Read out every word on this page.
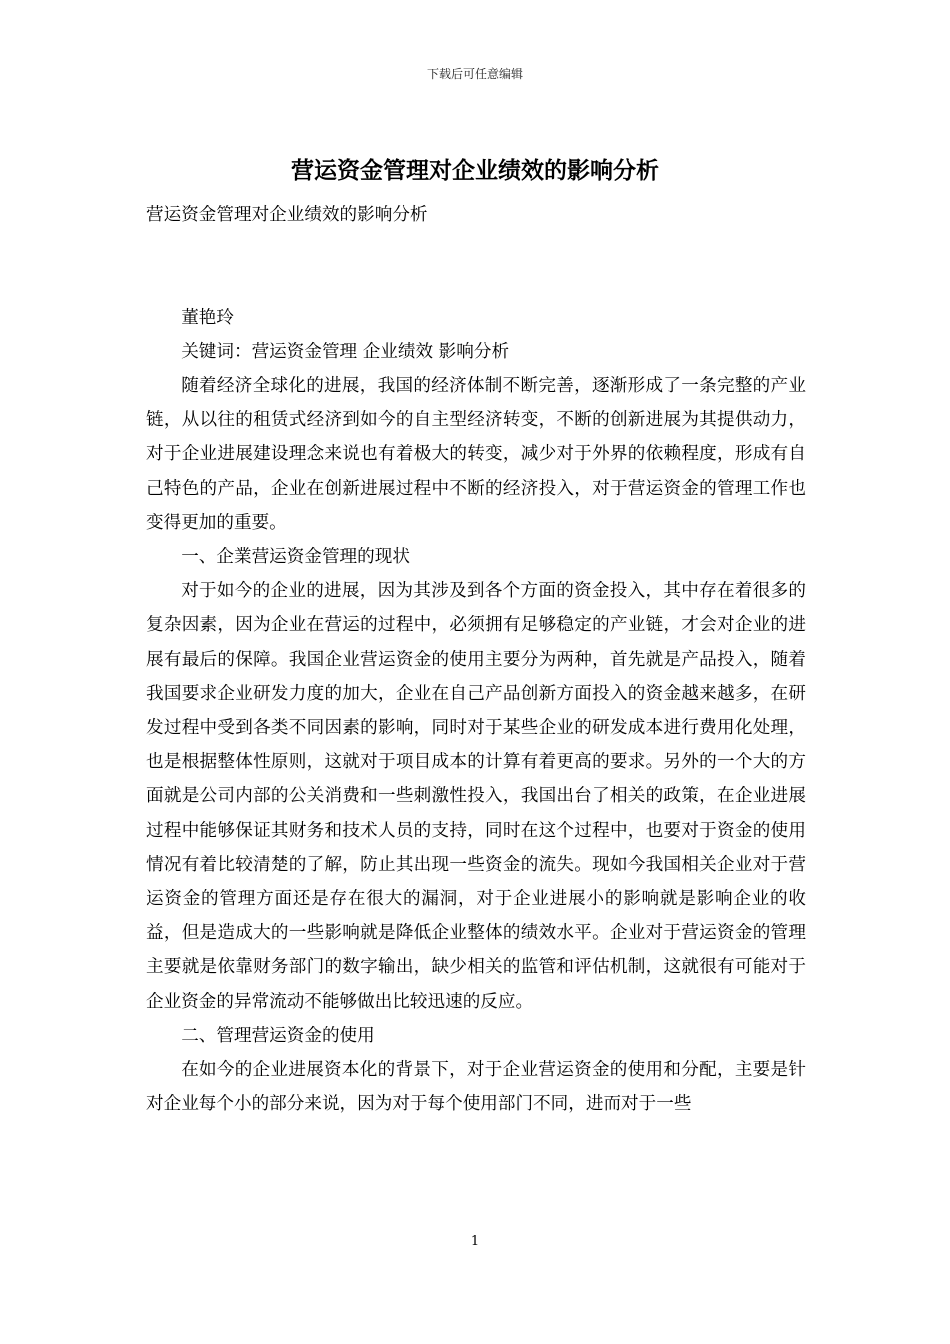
下载后可任意编辑
营运资金管理对企业绩效的影响分析

营运资金管理对企业绩效的影响分析

董艳玲

关键词：营运资金管理 企业绩效 影响分析

随着经济全球化的进展，我国的经济体制不断完善，逐渐形成了一条完整的产业链，从以往的租赁式经济到如今的自主型经济转变，不断的创新进展为其提供动力，对于企业进展建设理念来说也有着极大的转变，减少对于外界的依赖程度，形成有自己特色的产品，企业在创新进展过程中不断的经济投入，对于营运资金的管理工作也变得更加的重要。

一、企業营运资金管理的现状

对于如今的企业的进展，因为其涉及到各个方面的资金投入，其中存在着很多的复杂因素，因为企业在营运的过程中，必须拥有足够稳定的产业链，才会对企业的进展有最后的保障。我国企业营运资金的使用主要分为两种，首先就是产品投入，随着我国要求企业研发力度的加大，企业在自己产品创新方面投入的资金越来越多，在研发过程中受到各类不同因素的影响，同时对于某些企业的研发成本进行费用化处理，也是根据整体性原则，这就对于项目成本的计算有着更高的要求。另外的一个大的方面就是公司内部的公关消费和一些刺激性投入，我国出台了相关的政策，在企业进展过程中能够保证其财务和技术人员的支持，同时在这个过程中，也要对于资金的使用情况有着比较清楚的了解，防止其出现一些资金的流失。现如今我国相关企业对于营运资金的管理方面还是存在很大的漏洞，对于企业进展小的影响就是影响企业的收益，但是造成大的一些影响就是降低企业整体的绩效水平。企业对于营运资金的管理主要就是依靠财务部门的数字输出，缺少相关的监管和评估机制，这就很有可能对于企业资金的异常流动不能够做出比较迅速的反应。

二、管理营运资金的使用

在如今的企业进展资本化的背景下，对于企业营运资金的使用和分配，主要是针对企业每个小的部分来说，因为对于每个使用部门不同，进而对于一些

1
